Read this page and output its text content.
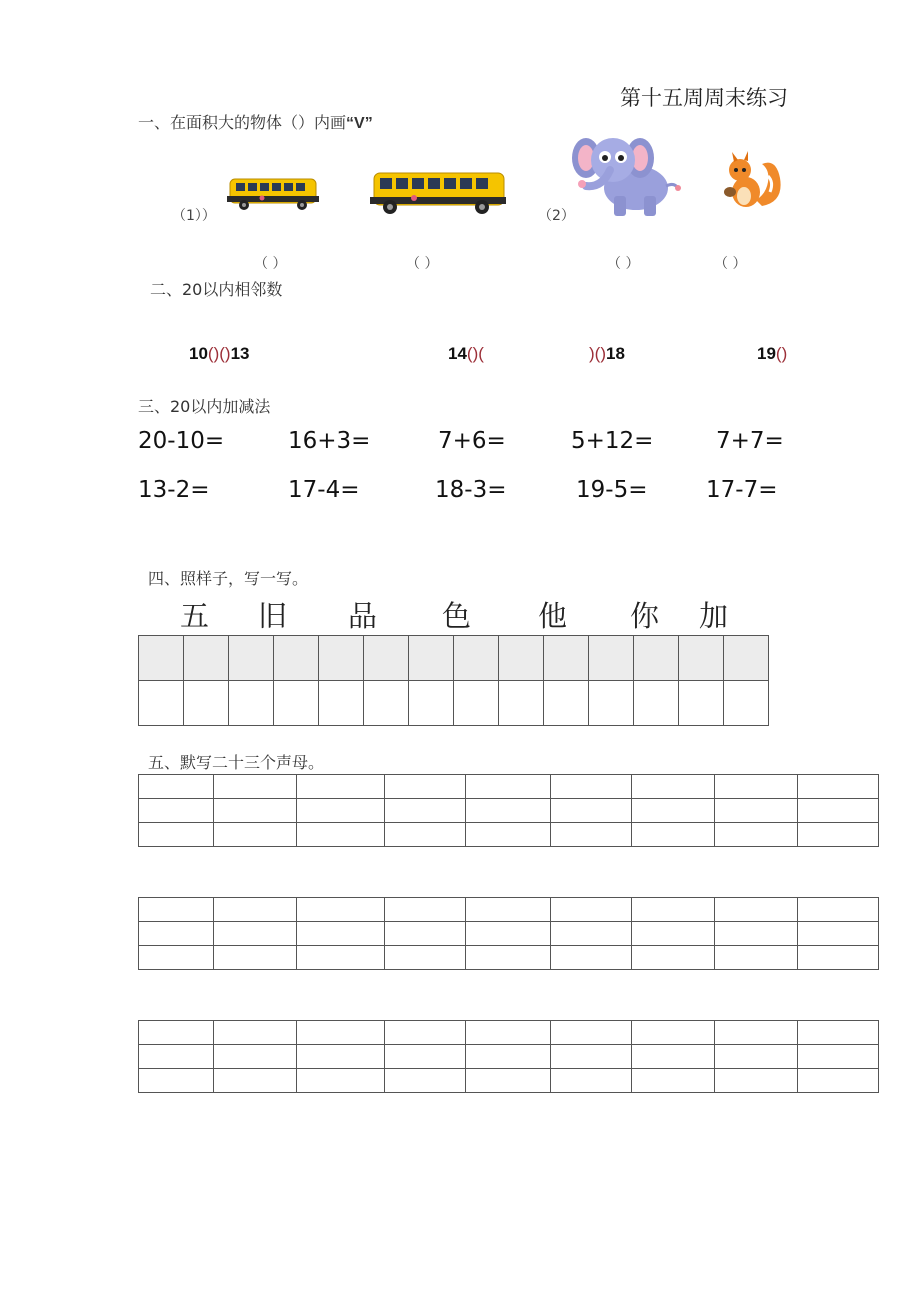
第十五周周末练习
一、在面积大的物体（）内画“V”
（1））	（2）
（ ）	（ ）	（ ）	（ ）
二、20以内相邻数
10()()13	14()(	)()18	19()
三、20以内加减法
20-10=	16+3=	7+6=	5+12=	7+7=
13-2=	17-4=	18-3=	19-5=	17-7=
四、照样子，写一写。
五 旧 品 色 他 你 加

五、默写二十三个声母。
